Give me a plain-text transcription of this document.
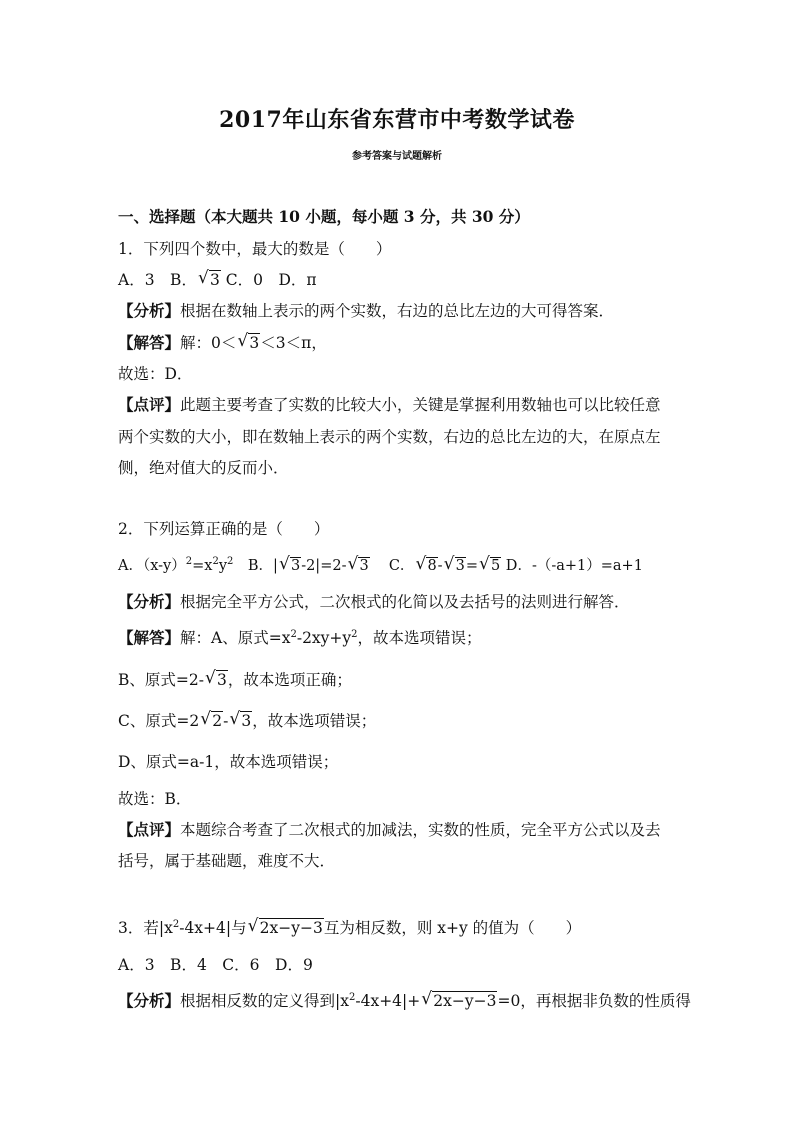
2017年山东省东营市中考数学试卷
参考答案与试题解析
一、选择题（本大题共 10 小题，每小题 3 分，共 30 分）
1．下列四个数中，最大的数是（　　）
A．3　B．√ 3 C．0　D．π
【分析】根据在数轴上表示的两个实数，右边的总比左边的大可得答案．
【解答】解：0＜√ 3＜3＜π，
故选：D．
【点评】此题主要考查了实数的比较大小，关键是掌握利用数轴也可以比较任意
两个实数的大小，即在数轴上表示的两个实数，右边的总比左边的大，在原点左
侧，绝对值大的反而小．
2．下列运算正确的是（　　）
A．$(x-y)^2=x^2y^2$　B．|√ 3-2|=2-√ 3　 C．√ 8-√ 3=√ 5 D．-（-a+1）=a+1
【分析】根据完全平方公式，二次根式的化简以及去括号的法则进行解答．
【解答】解：A、原式$=x^2-2xy+y^2$，故本选项错误；
B、原式=2-√ 3，故本选项正确；
C、原式=2√ 2-√ 3，故本选项错误；
D、原式=a-1，故本选项错误；
故选：B．
【点评】本题综合考查了二次根式的加减法，实数的性质，完全平方公式以及去
括号，属于基础题，难度不大．
3．若$|x^2-4x+4|$与√ 2x−y−3互为相反数，则 x+y 的值为（　　）
A．3　B．4　C．6　D．9
【分析】根据相反数的定义得到$|x^2-4x+4|+√$ 2x−y−3=0，再根据非负数的性质得
